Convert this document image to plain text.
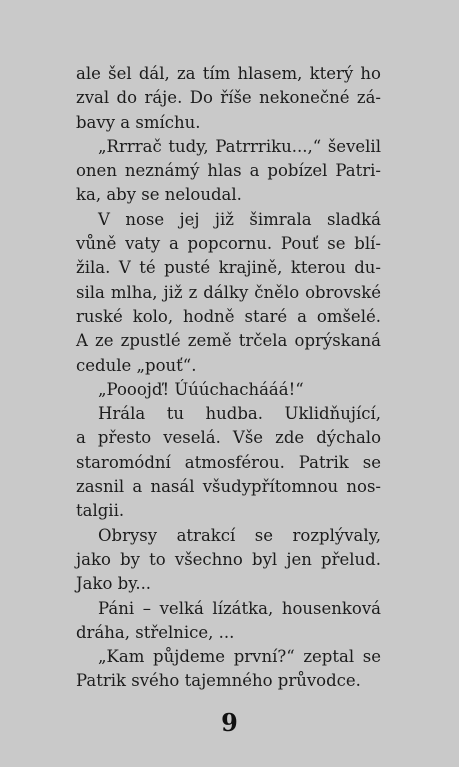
ale šel dál, za tím hlasem, který ho
zval do ráje. Do říše nekonečné zá-
bavy a smíchu.
„Rrrrač tudy, Patrrriku...,“ ševelil
onen neznámý hlas a pobízel Patri-
ka, aby se neloudal.
V nose jej již šimrala sladká
vůně vaty a popcornu. Pouť se blí-
žila. V té pusté krajině, kterou du-
sila mlha, již z dálky čnělo obrovské
ruské kolo, hodně staré a omšelé.
A ze zpustlé země trčela oprýskaná
cedule „pouť“.
„Pooojď! Úúúchachááá!“
Hrála tu hudba. Uklidňující,
a přesto veselá. Vše zde dýchalo
staromódní atmosférou. Patrik se
zasnil a nasál všudypřítomnou nos-
talgii.
Obrysy atrakcí se rozplývaly,
jako by to všechno byl jen přelud.
Jako by...
Páni – velká lízátka, housenková
dráha, střelnice, ...
„Kam půjdeme první?“ zeptal se
Patrik svého tajemného průvodce.
9
